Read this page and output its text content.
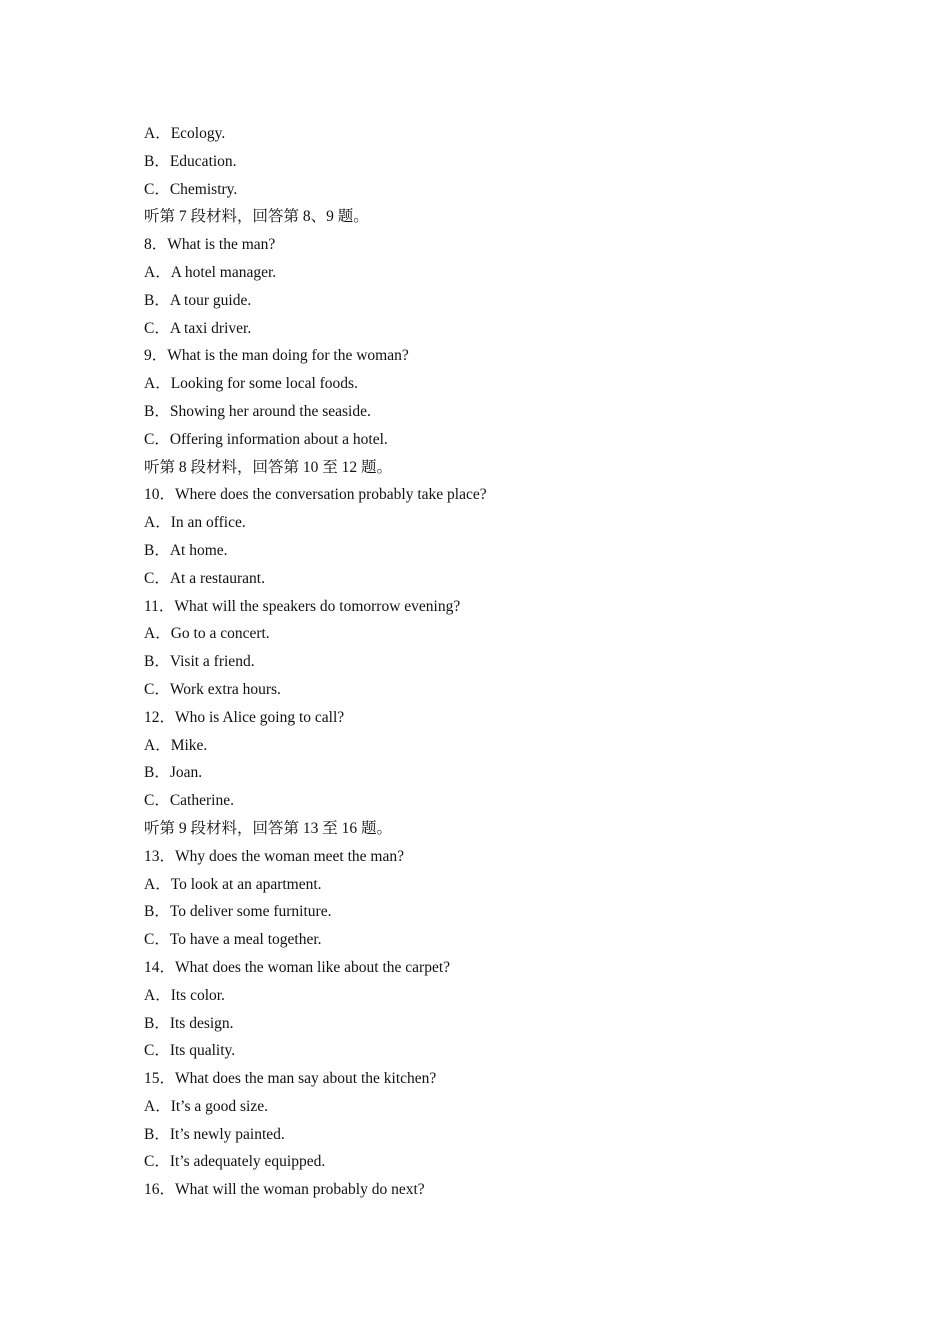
A．Ecology.
B．Education.
C．Chemistry.
听第 7 段材料，回答第 8、9 题。
8．What is the man?
A．A hotel manager.
B．A tour guide.
C．A taxi driver.
9．What is the man doing for the woman?
A．Looking for some local foods.
B．Showing her around the seaside.
C．Offering information about a hotel.
听第 8 段材料，回答第 10 至 12 题。
10．Where does the conversation probably take place?
A．In an office.
B．At home.
C．At a restaurant.
11．What will the speakers do tomorrow evening?
A．Go to a concert.
B．Visit a friend.
C．Work extra hours.
12．Who is Alice going to call?
A．Mike.
B．Joan.
C．Catherine.
听第 9 段材料，回答第 13 至 16 题。
13．Why does the woman meet the man?
A．To look at an apartment.
B．To deliver some furniture.
C．To have a meal together.
14．What does the woman like about the carpet?
A．Its color.
B．Its design.
C．Its quality.
15．What does the man say about the kitchen?
A．It’s a good size.
B．It’s newly painted.
C．It’s adequately equipped.
16．What will the woman probably do next?
